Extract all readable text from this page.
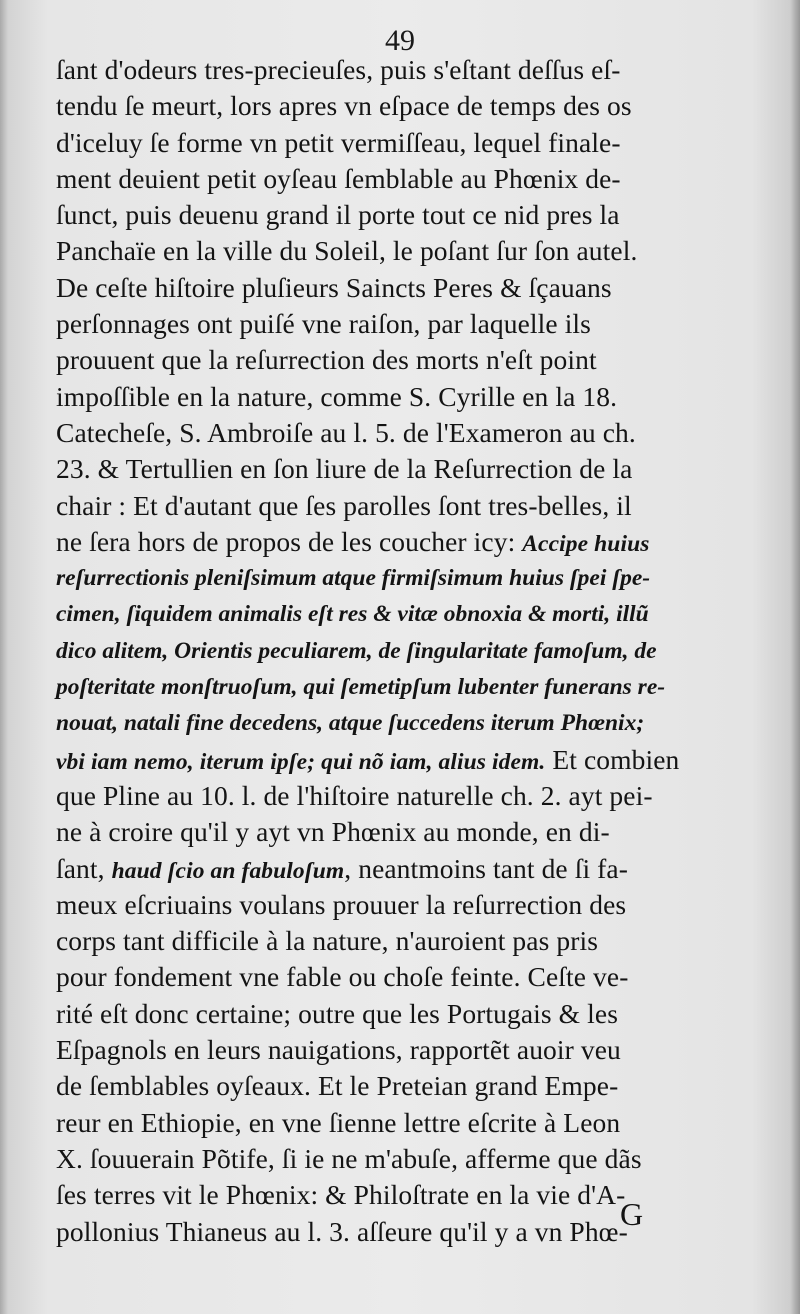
49
ſant d'odeurs tres-precieuſes, puis s'eſtant deſſus eſ-
tendu ſe meurt, lors apres vn eſpace de temps des os
d'iceluy ſe forme vn petit vermiſſeau, lequel finale-
ment deuient petit oyſeau ſemblable au Phœnix de-
ſunct, puis deuenu grand il porte tout ce nid pres la
Panchaïe en la ville du Soleil, le poſant ſur ſon autel.
De ceſte hiſtoire pluſieurs Saincts Peres & ſçauans
perſonnages ont puiſé vne raiſon, par laquelle ils
prouuent que la reſurrection des morts n'eſt point
impoſſible en la nature, comme S. Cyrille en la 18.
Catecheſe, S. Ambroiſe au l. 5. de l'Exameron au ch.
23. & Tertullien en ſon liure de la Reſurrection de la
chair : Et d'autant que ſes parolles ſont tres-belles, il
ne ſera hors de propos de les coucher icy: Accipe huius
reſurrectionis pleniſsimum atque firmiſsimum huius ſpei ſpe-
cimen, ſiquidem animalis eſt res & vitæ obnoxia & morti, illũ
dico alitem, Orientis peculiarem, de ſingularitate famoſum, de
poſteritate monſtruoſum, qui ſemetipſum lubenter funerans re-
nouat, natali fine decedens, atque ſuccedens iterum Phœnix;
vbi iam nemo, iterum ipſe; qui nõ iam, alius idem. Et combien
que Pline au 10. l. de l'hiſtoire naturelle ch. 2. ayt pei-
ne à croire qu'il y ayt vn Phœnix au monde, en di-
ſant, haud ſcio an fabuloſum, neantmoins tant de ſi fa-
meux eſcriuains voulans prouuer la reſurrection des
corps tant difficile à la nature, n'auroient pas pris
pour fondement vne fable ou choſe feinte. Ceſte ve-
rité eſt donc certaine; outre que les Portugais & les
Eſpagnols en leurs nauigations, rapportẽt auoir veu
de ſemblables oyſeaux. Et le Preteian grand Empe-
reur en Ethiopie, en vne ſienne lettre eſcrite à Leon
X. ſouuerain Põtife, ſi ie ne m'abuſe, afferme que dãs
ſes terres vit le Phœnix: & Philoſtrate en la vie d'A-
pollonius Thianeus au l. 3. aſſeure qu'il y a vn Phœ-
G
